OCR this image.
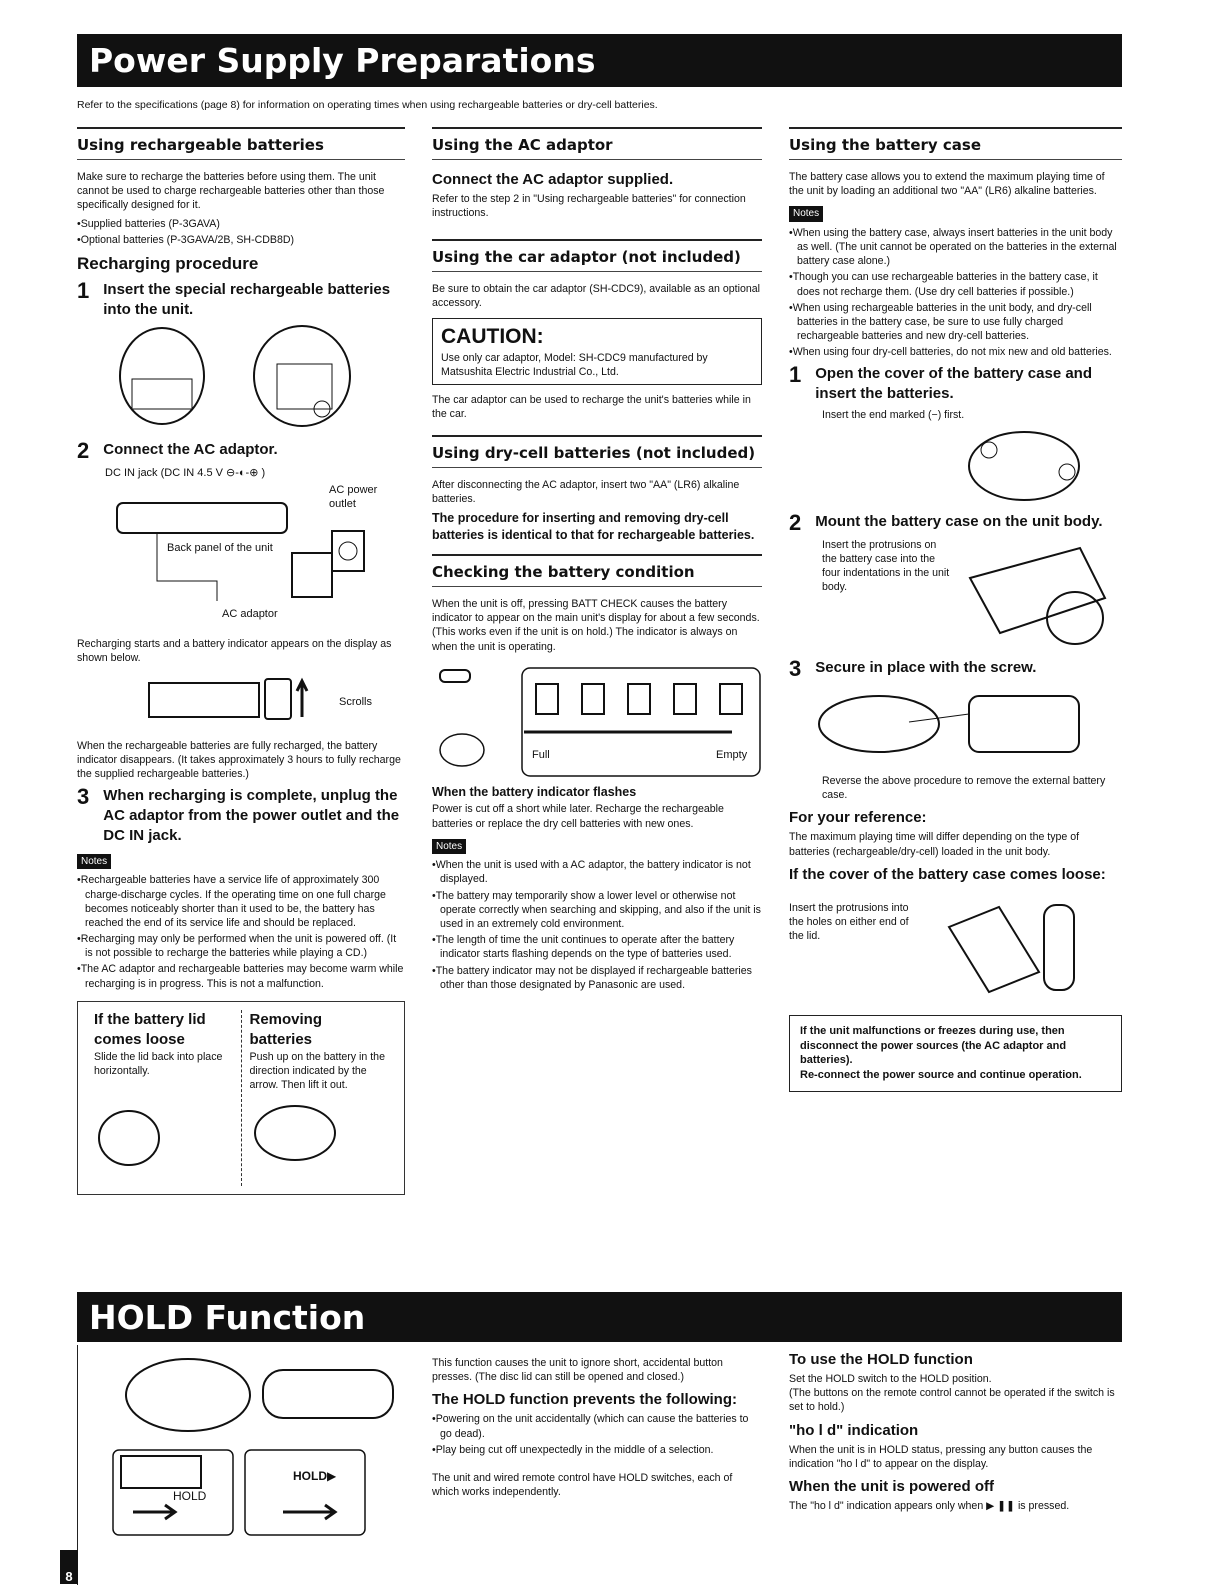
Power Supply Preparations
Refer to the specifications (page 8) for information on operating times when using rechargeable batteries or dry-cell batteries.
Using rechargeable batteries

Make sure to recharge the batteries before using them. The unit cannot be used to charge rechargeable batteries other than those specifically designed for it.

•Supplied batteries (P-3GAVA)
•Optional batteries (P-3GAVA/2B, SH-CDB8D)
Recharging procedure
1 Insert the special rechargeable batteries into the unit.
2 Connect the AC adaptor.
DC IN jack (DC IN 4.5 V ⊖-◐-⊕ )
AC power outlet
Back panel of the unit
AC adaptor

Recharging starts and a battery indicator appears on the display as shown below.

Scrolls

When the rechargeable batteries are fully recharged, the battery indicator disappears. (It takes approximately 3 hours to fully recharge the supplied rechargeable batteries.)

3 When recharging is complete, unplug the AC adaptor from the power outlet and the DC IN jack.
Notes
•Rechargeable batteries have a service life of approximately 300 charge-discharge cycles. If the operating time on one full charge becomes noticeably shorter than it used to be, the battery has reached the end of its service life and should be replaced.
•Recharging may only be performed when the unit is powered off. (It is not possible to recharge the batteries while playing a CD.)
•The AC adaptor and rechargeable batteries may become warm while recharging is in progress. This is not a malfunction.
If the battery lid comes loose
Slide the lid back into place horizontally.
Removing batteries
Push up on the battery in the direction indicated by the arrow. Then lift it out.
Using the AC adaptor
Connect the AC adaptor supplied.

Refer to the step 2 in "Using rechargeable batteries" for connection instructions.

Using the car adaptor (not included)

Be sure to obtain the car adaptor (SH-CDC9), available as an optional accessory.

CAUTION:
Use only car adaptor, Model: SH-CDC9 manufactured by Matsushita Electric Industrial Co., Ltd.

The car adaptor can be used to recharge the unit's batteries while in the car.

Using dry-cell batteries (not included)

After disconnecting the AC adaptor, insert two "AA" (LR6) alkaline batteries.

The procedure for inserting and removing dry-cell batteries is identical to that for rechargeable batteries.

Checking the battery condition

When the unit is off, pressing BATT CHECK causes the battery indicator to appear on the main unit's display for about a few seconds. (This works even if the unit is on hold.) The indicator is always on when the unit is operating.

Full	Empty
When the battery indicator flashes

Power is cut off a short while later. Recharge the rechargeable batteries or replace the dry cell batteries with new ones.

Notes
•When the unit is used with a AC adaptor, the battery indicator is not displayed.
•The battery may temporarily show a lower level or otherwise not operate correctly when searching and skipping, and also if the unit is used in an extremely cold environment.
•The length of time the unit continues to operate after the battery indicator starts flashing depends on the type of batteries used.
•The battery indicator may not be displayed if rechargeable batteries other than those designated by Panasonic are used.
Using the battery case

The battery case allows you to extend the maximum playing time of the unit by loading an additional two "AA" (LR6) alkaline batteries.

Notes
•When using the battery case, always insert batteries in the unit body as well. (The unit cannot be operated on the batteries in the external battery case alone.)
•Though you can use rechargeable batteries in the battery case, it does not recharge them. (Use dry cell batteries if possible.)
•When using rechargeable batteries in the unit body, and dry-cell batteries in the battery case, be sure to use fully charged rechargeable batteries and new dry-cell batteries.
•When using four dry-cell batteries, do not mix new and old batteries.
1 Open the cover of the battery case and insert the batteries.
Insert the end marked (−) first.
2 Mount the battery case on the unit body.
Insert the protrusions on the battery case into the four indentations in the unit body.
3 Secure in place with the screw.
Reverse the above procedure to remove the external battery case.
For your reference:

The maximum playing time will differ depending on the type of batteries (rechargeable/dry-cell) loaded in the unit body.

If the cover of the battery case comes loose:
Insert the protrusions into the holes on either end of the lid.
If the unit malfunctions or freezes during use, then disconnect the power sources (the AC adaptor and batteries).
Re-connect the power source and continue operation.
HOLD Function
HOLD
HOLD▶
8

This function causes the unit to ignore short, accidental button presses. (The disc lid can still be opened and closed.)

The HOLD function prevents the following:
•Powering on the unit accidentally (which can cause the batteries to go dead).
•Play being cut off unexpectedly in the middle of a selection.

The unit and wired remote control have HOLD switches, each of which works independently.

To use the HOLD function
Set the HOLD switch to the HOLD position.
(The buttons on the remote control cannot be operated if the switch is set to hold.)
"ho l d" indication
When the unit is in HOLD status, pressing any button causes the indication "ho l d" to appear on the display.
When the unit is powered off
The "ho l d" indication appears only when ▶ ❚❚ is pressed.
